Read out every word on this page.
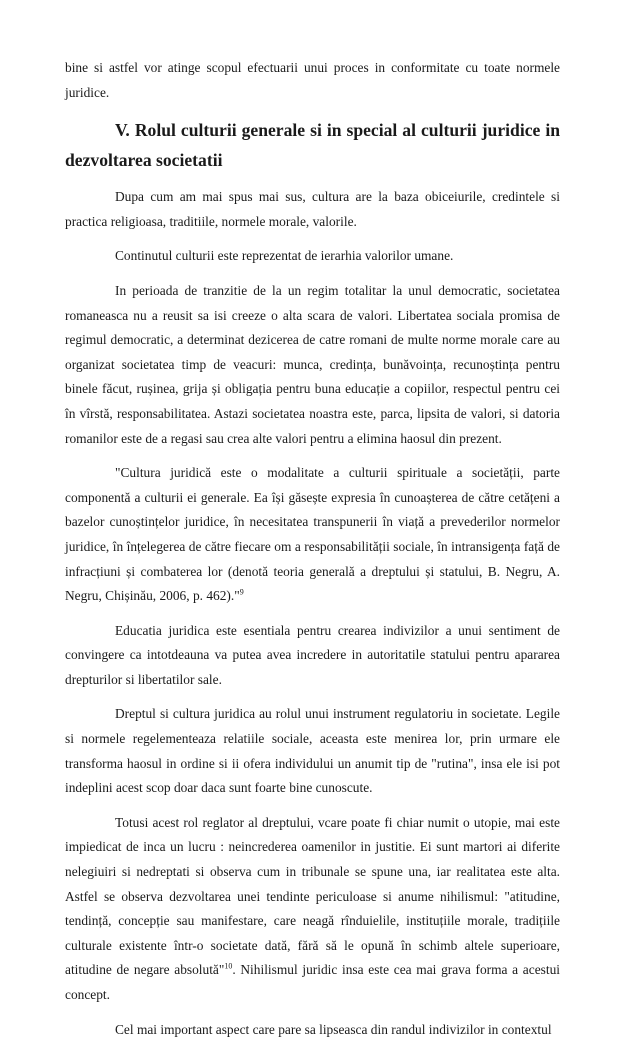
bine si astfel vor atinge scopul efectuarii unui proces in conformitate cu toate normele juridice.

V. Rolul culturii generale si in special al culturii juridice in dezvoltarea societatii

Dupa cum am mai spus mai sus, cultura are la baza obiceiurile, credintele si practica religioasa, traditiile, normele morale, valorile.

Continutul culturii este reprezentat de ierarhia valorilor umane.

In perioada de tranzitie de la un regim totalitar la unul democratic, societatea romaneasca nu a reusit sa isi creeze o alta scara de valori. Libertatea sociala promisa de regimul democratic, a determinat dezicerea de catre romani de multe norme morale care au organizat societatea timp de veacuri: munca, credința, bunăvoința, recunoștința pentru binele făcut, rușinea, grija și obligația pentru buna educație a copiilor, respectul pentru cei în vîrstă, responsabilitatea. Astazi societatea noastra este, parca, lipsita de valori, si datoria romanilor este de a regasi sau crea alte valori pentru a elimina haosul din prezent.

"Cultura juridică este o modalitate a culturii spirituale a societății, parte componentă a culturii ei generale. Ea își găsește expresia în cunoașterea de către cetățeni a bazelor cunoștințelor juridice, în necesitatea transpunerii în viață a prevederilor normelor juridice, în înțelegerea de către fiecare om a responsabilității sociale, în intransigența față de infracțiuni și combaterea lor (denotă teoria generală a dreptului și statului, B. Negru, A. Negru, Chișinău, 2006, p. 462)."$^9$

Educatia juridica este esentiala pentru crearea indivizilor a unui sentiment de convingere ca intotdeauna va putea avea incredere in autoritatile statului pentru apararea drepturilor si libertatilor sale.

Dreptul si cultura juridica au rolul unui instrument regulatoriu in societate. Legile si normele regelementeaza relatiile sociale, aceasta este menirea lor, prin urmare ele transforma haosul in ordine si ii ofera individului un anumit tip de "rutina", insa ele isi pot indeplini acest scop doar daca sunt foarte bine cunoscute.

Totusi acest rol reglator al dreptului, vcare poate fi chiar numit o utopie, mai este impiedicat de inca un lucru : neincrederea oamenilor in justitie. Ei sunt martori ai diferite nelegiuiri si nedreptati si observa cum in tribunale se spune una, iar realitatea este alta. Astfel se observa dezvoltarea unei tendinte periculoase si anume nihilismul: "atitudine, tendință, concepție sau manifestare, care neagă rînduielile, instituțiile morale, tradițiile culturale existente într-o societate dată, fără să le opună în schimb altele superioare, atitudine de negare absolută"$^{10}$. Nihilismul juridic insa este cea mai grava forma a acestui concept.

Cel mai important aspect care pare sa lipseasca din randul indivizilor in contextul
